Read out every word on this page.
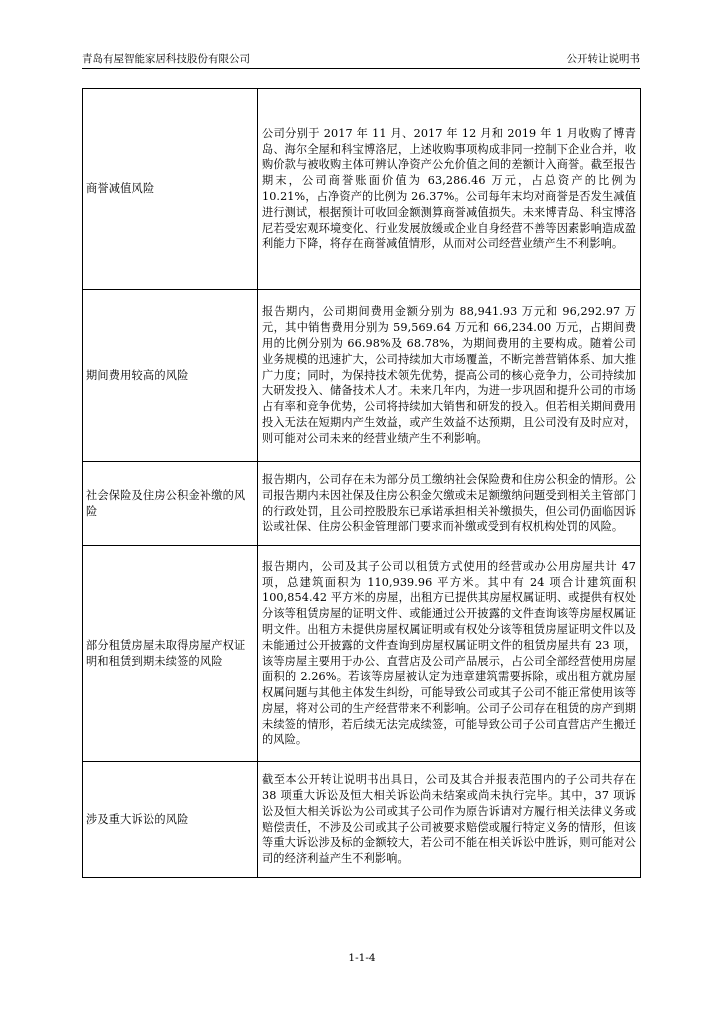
青岛有屋智能家居科技股份有限公司	公开转让说明书
商誉减值风险	公司分别于 2017 年 11 月、2017 年 12 月和 2019 年 1 月收购了博青岛、海尔全屋和科宝博洛尼，上述收购事项构成非同一控制下企业合并，收购价款与被收购主体可辨认净资产公允价值之间的差额计入商誉。截至报告期末，公司商誉账面价值为 63,286.46 万元，占总资产的比例为 10.21%，占净资产的比例为 26.37%。公司每年末均对商誉是否发生减值进行测试，根据预计可收回金额测算商誉减值损失。未来博青岛、科宝博洛尼若受宏观环境变化、行业发展放缓或企业自身经营不善等因素影响造成盈利能力下降，将存在商誉减值情形，从而对公司经营业绩产生不利影响。
期间费用较高的风险	报告期内，公司期间费用金额分别为 88,941.93 万元和 96,292.97 万元，其中销售费用分别为 59,569.64 万元和 66,234.00 万元，占期间费用的比例分别为 66.98%及 68.78%，为期间费用的主要构成。随着公司业务规模的迅速扩大，公司持续加大市场覆盖，不断完善营销体系、加大推广力度；同时，为保持技术领先优势，提高公司的核心竞争力，公司持续加大研发投入、储备技术人才。未来几年内，为进一步巩固和提升公司的市场占有率和竞争优势，公司将持续加大销售和研发的投入。但若相关期间费用投入无法在短期内产生效益，或产生效益不达预期，且公司没有及时应对，则可能对公司未来的经营业绩产生不利影响。
社会保险及住房公积金补缴的风险	报告期内，公司存在未为部分员工缴纳社会保险费和住房公积金的情形。公司报告期内未因社保及住房公积金欠缴或未足额缴纳问题受到相关主管部门的行政处罚，且公司控股股东已承诺承担相关补缴损失，但公司仍面临因诉讼或社保、住房公积金管理部门要求而补缴或受到有权机构处罚的风险。
部分租赁房屋未取得房屋产权证明和租赁到期未续签的风险	报告期内，公司及其子公司以租赁方式使用的经营或办公用房屋共计 47 项，总建筑面积为 110,939.96 平方米。其中有 24 项合计建筑面积 100,854.42 平方米的房屋，出租方已提供其房屋权属证明、或提供有权处分该等租赁房屋的证明文件、或能通过公开披露的文件查询该等房屋权属证明文件。出租方未提供房屋权属证明或有权处分该等租赁房屋证明文件以及未能通过公开披露的文件查询到房屋权属证明文件的租赁房屋共有 23 项，该等房屋主要用于办公、直营店及公司产品展示，占公司全部经营使用房屋面积的 2.26%。若该等房屋被认定为违章建筑需要拆除，或出租方就房屋权属问题与其他主体发生纠纷，可能导致公司或其子公司不能正常使用该等房屋，将对公司的生产经营带来不利影响。公司子公司存在租赁的房产到期未续签的情形，若后续无法完成续签，可能导致公司子公司直营店产生搬迁的风险。
涉及重大诉讼的风险	截至本公开转让说明书出具日，公司及其合并报表范围内的子公司共存在 38 项重大诉讼及恒大相关诉讼尚未结案或尚未执行完毕。其中，37 项诉讼及恒大相关诉讼为公司或其子公司作为原告诉请对方履行相关法律义务或赔偿责任，不涉及公司或其子公司被要求赔偿或履行特定义务的情形，但该等重大诉讼涉及标的金额较大，若公司不能在相关诉讼中胜诉，则可能对公司的经济利益产生不利影响。
1-1-4
